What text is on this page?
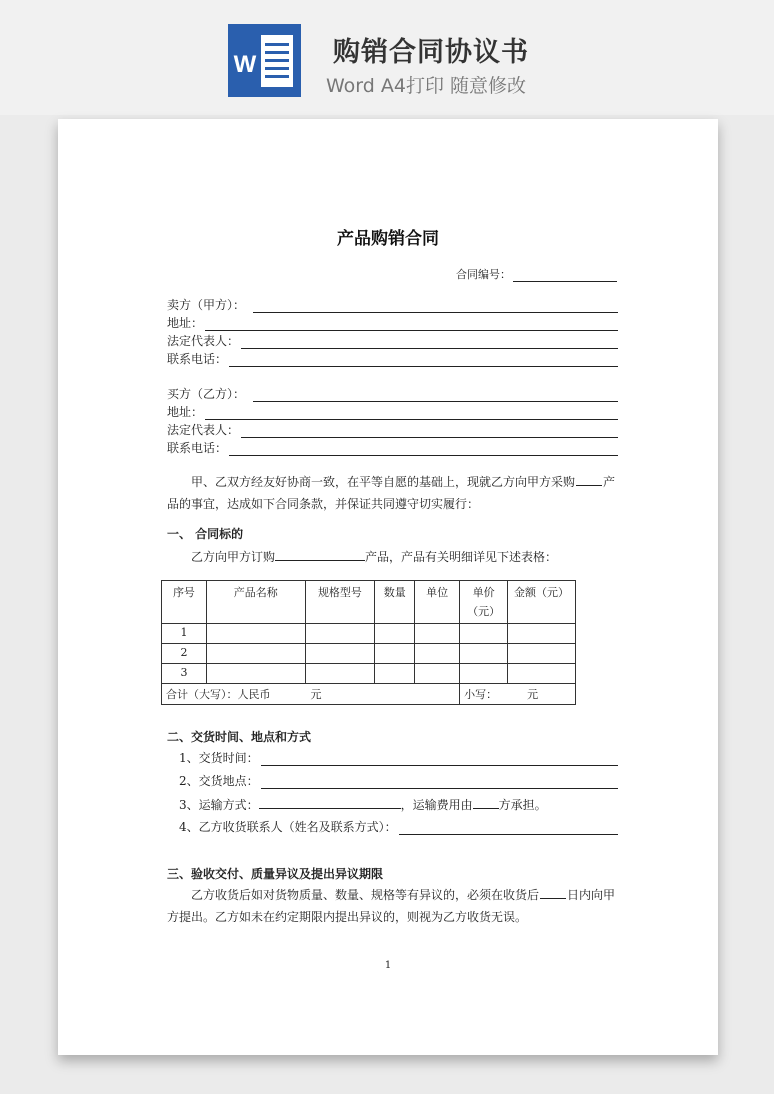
W	购销合同协议书
Word A4打印 随意修改
产品购销合同
合同编号：
卖方（甲方）：
地址：
法定代表人：
联系电话：
买方（乙方）：
地址：
法定代表人：
联系电话：
甲、乙双方经友好协商一致，在平等自愿的基础上，现就乙方向甲方采购 产品的事宜，达成如下合同条款，并保证共同遵守切实履行：
一、 合同标的
乙方向甲方订购	产品，产品有关明细详见下述表格：
序号	产品名称	规格型号	数量	单位	单价（元）	金额（元）
1						
2						
3						
合计（大写）：人民币 元					小写： 元	
二、交货时间、地点和方式
1、交货时间：
2、交货地点：
3、运输方式：	，运输费用由 方承担。
4、乙方收货联系人（姓名及联系方式）：
三、验收交付、质量异议及提出异议期限
乙方收货后如对货物质量、数量、规格等有异议的，必须在收货后 日内向甲
方提出。乙方如未在约定期限内提出异议的，则视为乙方收货无误。
1
